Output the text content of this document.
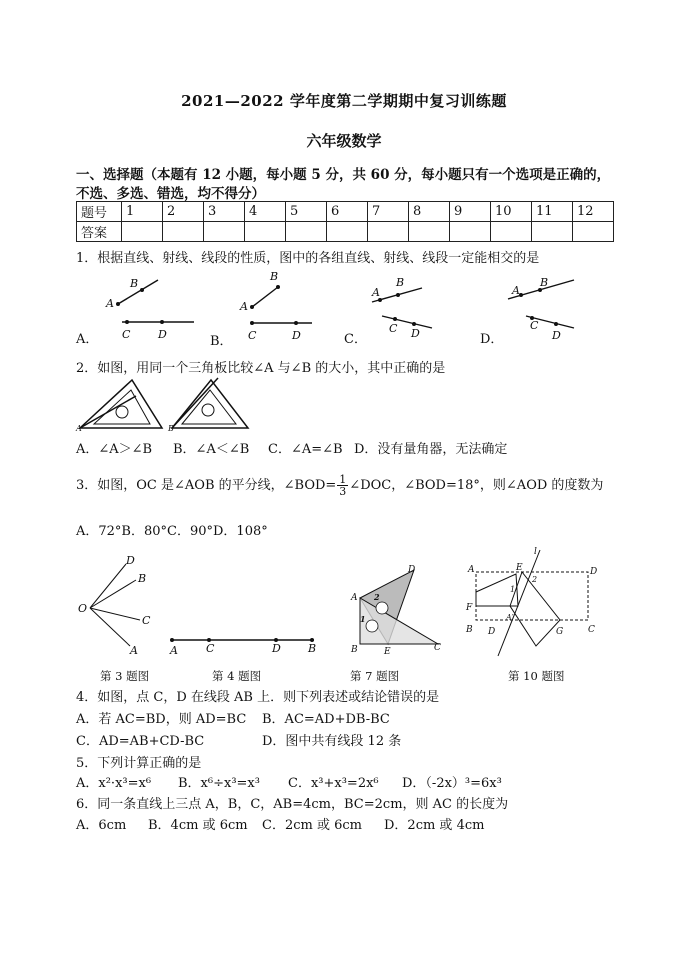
2021—2022 学年度第二学期期中复习训练题
六年级数学
一、选择题（本题有 12 小题，每小题 5 分，共 60 分，每小题只有一个选项是正确的，
不选、多选、错选，均不得分）
题号	1	2	3	4	5	6	7	8	9	10	11	12
答案												
1．根据直线、射线、线段的性质，图中的各组直线、射线、线段一定能相交的是
A
B
C	D
A
B
C	D
A
B
C D
A
B
C
D
A．	B．	C．	D．
2．如图，用同一个三角板比较∠A 与∠B 的大小，其中正确的是
A	B
A．∠A＞∠B B．∠A＜∠B C．∠A=∠B D．没有量角器，无法确定
3．如图，OC 是∠AOB 的平分线，∠BOD= $\frac{1}{3}$ ∠DOC，∠BOD=18°，则∠AOD 的度数为
A．72°B．80°C．90°D．108°
D
B
O
C
A	A	C	D B
D
A 2
1
B	E	C
l
A	E	D
2
1
F
A′
B D	G	C
第 3 题图	第 4 题图	第 7 题图	第 10 题图
4．如图，点 C，D 在线段 AB 上．则下列表述或结论错误的是
A．若 AC=BD，则 AD=BC B．AC=AD+DB-BC
C．AD=AB+CD-BC	D．图中共有线段 12 条
5．下列计算正确的是
A．x²·x³=x⁶ B．x⁶÷x³=x³ C．x³+x³=2x⁶ D．（-2x）³=6x³
6．同一条直线上三点 A，B，C，AB=4cm，BC=2cm，则 AC 的长度为
A．6cm B．4cm 或 6cm C．2cm 或 6cm D．2cm 或 4cm
